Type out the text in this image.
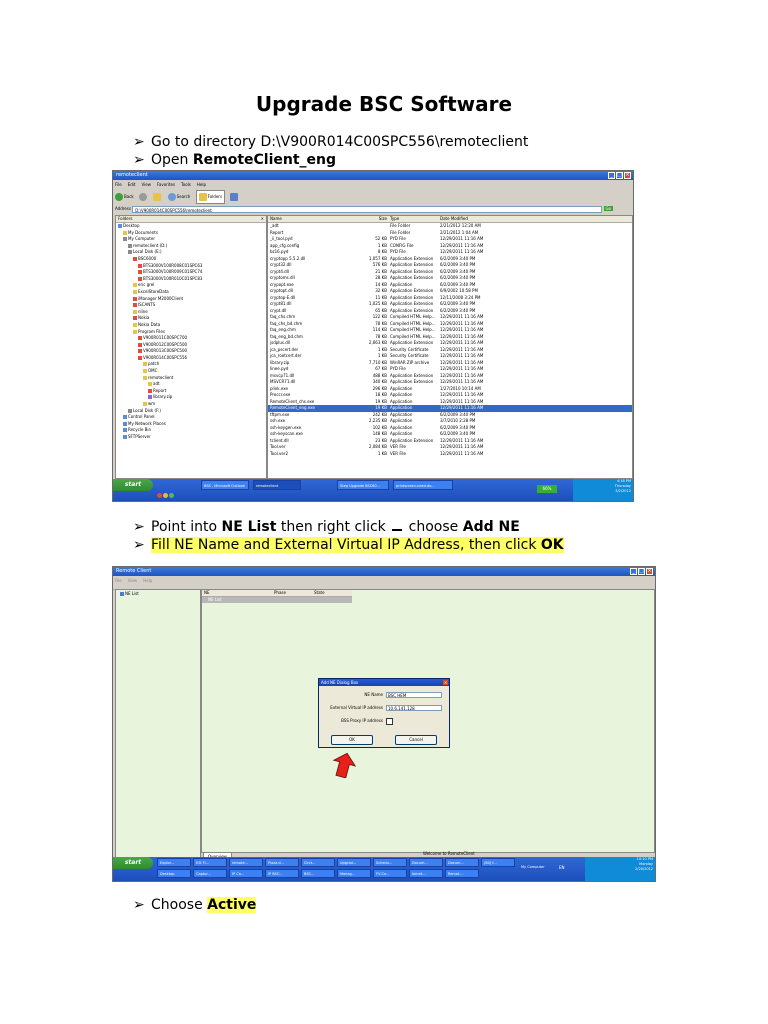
Upgrade BSC Software
➢ Go to directory D:\V900R014C00SPC556\remoteclient
➢ Open RemoteClient_eng
remoteclient	_ □ ×
File Edit View Favorites Tools Help
Back	Search	Folders
Address D:\V900R014C00SPC556\remoteclient	Go
Folders	×
Desktop
My Documents
My Computer
remoteclient (D:)
Local Disk (E:)
BSC6000
BTS3000V100R008C01SPC63
BTS3000V100R009C01SPC74
BTS3000V100R010C01SPC83
eric grel
ExcelStoreData
iManager M2000Client
ISCANTS
nline
Nokia
Nokia Data
Program Files
V900R011C00SPC700
V900R012C00SPC500
V900R013C00SPC500
V900R014C00SPC556
patch
OMC
remoteclient
adt
Report
library.zip
wm
Local Disk (F:)
Control Panel
My Network Places
Recycle Bin
SFTPServer
Name	Size Type	Date Modified
_adt	File Folder	2/21/2012 12:20 AM
Report	File Folder	2/21/2012 1:04 AM
_ii_tool.pyd	52 KB PYD File	12/29/2011 11:16 AM
app_cfg.config	1 KB CONFIG File	12/29/2011 11:16 AM
bz16.pyd	8 KB PYD File	12/29/2011 11:16 AM
cryptopp 5.5.2.dll	1,057 KB Application Extension 6/2/2009 3:40 PM
crypt32.dll	576 KB Application Extension 6/2/2009 3:40 PM
crypt4.dll	21 KB Application Extension 6/2/2009 3:40 PM
cryptoms.dll	28 KB Application Extension 6/2/2009 3:40 PM
crypopt.exe	14 KB Application	6/2/2009 3:40 PM
cryptopt.dll	32 KB Application Extension 6/9/2002 10:58 PM
cryptop-E.dll	11 KB Application Extension 12/11/2008 3:24 PM
crypt81.dll	1,025 KB Application Extension 6/2/2009 3:40 PM
crypt.dll	65 KB Application Extension 6/2/2009 3:40 PM
faq_chs.chm	122 KB Compiled HTML Help... 12/29/2011 11:16 AM
faq_chs_bd.chm	78 KB Compiled HTML Help... 12/29/2011 11:16 AM
faq_eng.chm	114 KB Compiled HTML Help... 12/29/2011 11:16 AM
faq_eng_bd.chm	78 KB Compiled HTML Help... 12/29/2011 11:16 AM
jsdplus.dll	2,663 KB Application Extension 12/29/2011 11:16 AM
jca_pscert.der	1 KB Security Certificate	12/29/2011 11:16 AM
jca_rootcert.der	1 KB Security Certificate	12/29/2011 11:16 AM
library.zip	7,710 KB WinRAR ZIP archive	12/29/2011 11:16 AM
linee.pyd	67 KB PYD File	12/29/2011 11:16 AM
msvcp71.dll	488 KB Application Extension 12/29/2011 11:16 AM
MSVCR71.dll	340 KB Application Extension 12/29/2011 11:16 AM
plink.exe	296 KB Application	1/27/2010 10:14 AM
Proccr.exe	18 KB Application	12/29/2011 11:16 AM
RemoteClient_chs.exe	19 KB Application	12/29/2011 11:16 AM
RemoteClient_eng.exe	19 KB Application	12/29/2011 11:16 AM
tftpm.exe	242 KB Application	6/2/2009 3:40 PM
ssh.exe	2,235 KB Application	3/7/2010 2:28 PM
ssh-keygen.exe	102 KB Application	6/2/2009 3:40 PM
ssh-keyscan.exe	148 KB Application	6/2/2009 3:40 PM
tclient.dll	23 KB Application Extension 12/29/2011 11:16 AM
Tool.ver	2,084 KB VER File	12/29/2011 11:16 AM
Tool.ver2	1 KB VER File	12/29/2011 11:16 AM
start	BSS - Microsoft Outlook	remoteclient	Step Upgrade BSC60...	printscreen-need.do...	66%
4:18 PM
Thursday
3/2/2012
➢ Point into NE List then right click  choose Add NE
➢ Fill NE Name and External Virtual IP Address, then click OK
Remote Client	_ □ ×
File View Help
NE List	NE	Phase	State
NE List
Welcome to RemoteClient
start
My Computer	EN
10:10 PM
Monday
2/20/2012
Explor...	ESI Fl...	remote...	Plaza.d...	Circt...	Upgrad...	Schedu...	Docum...	Docum...	(80) f...
Desktop	Captur...	IP Ca...	IP BSC...	BSC...	Manag...	FV-Co...	talnet...	Remot...
Add NE Dialog Box	×
NE Name BSC HEM
External Virtual IP address 10.6.141.128
BSS Proxy IP address
OK	Cancel
➢ Choose Active
